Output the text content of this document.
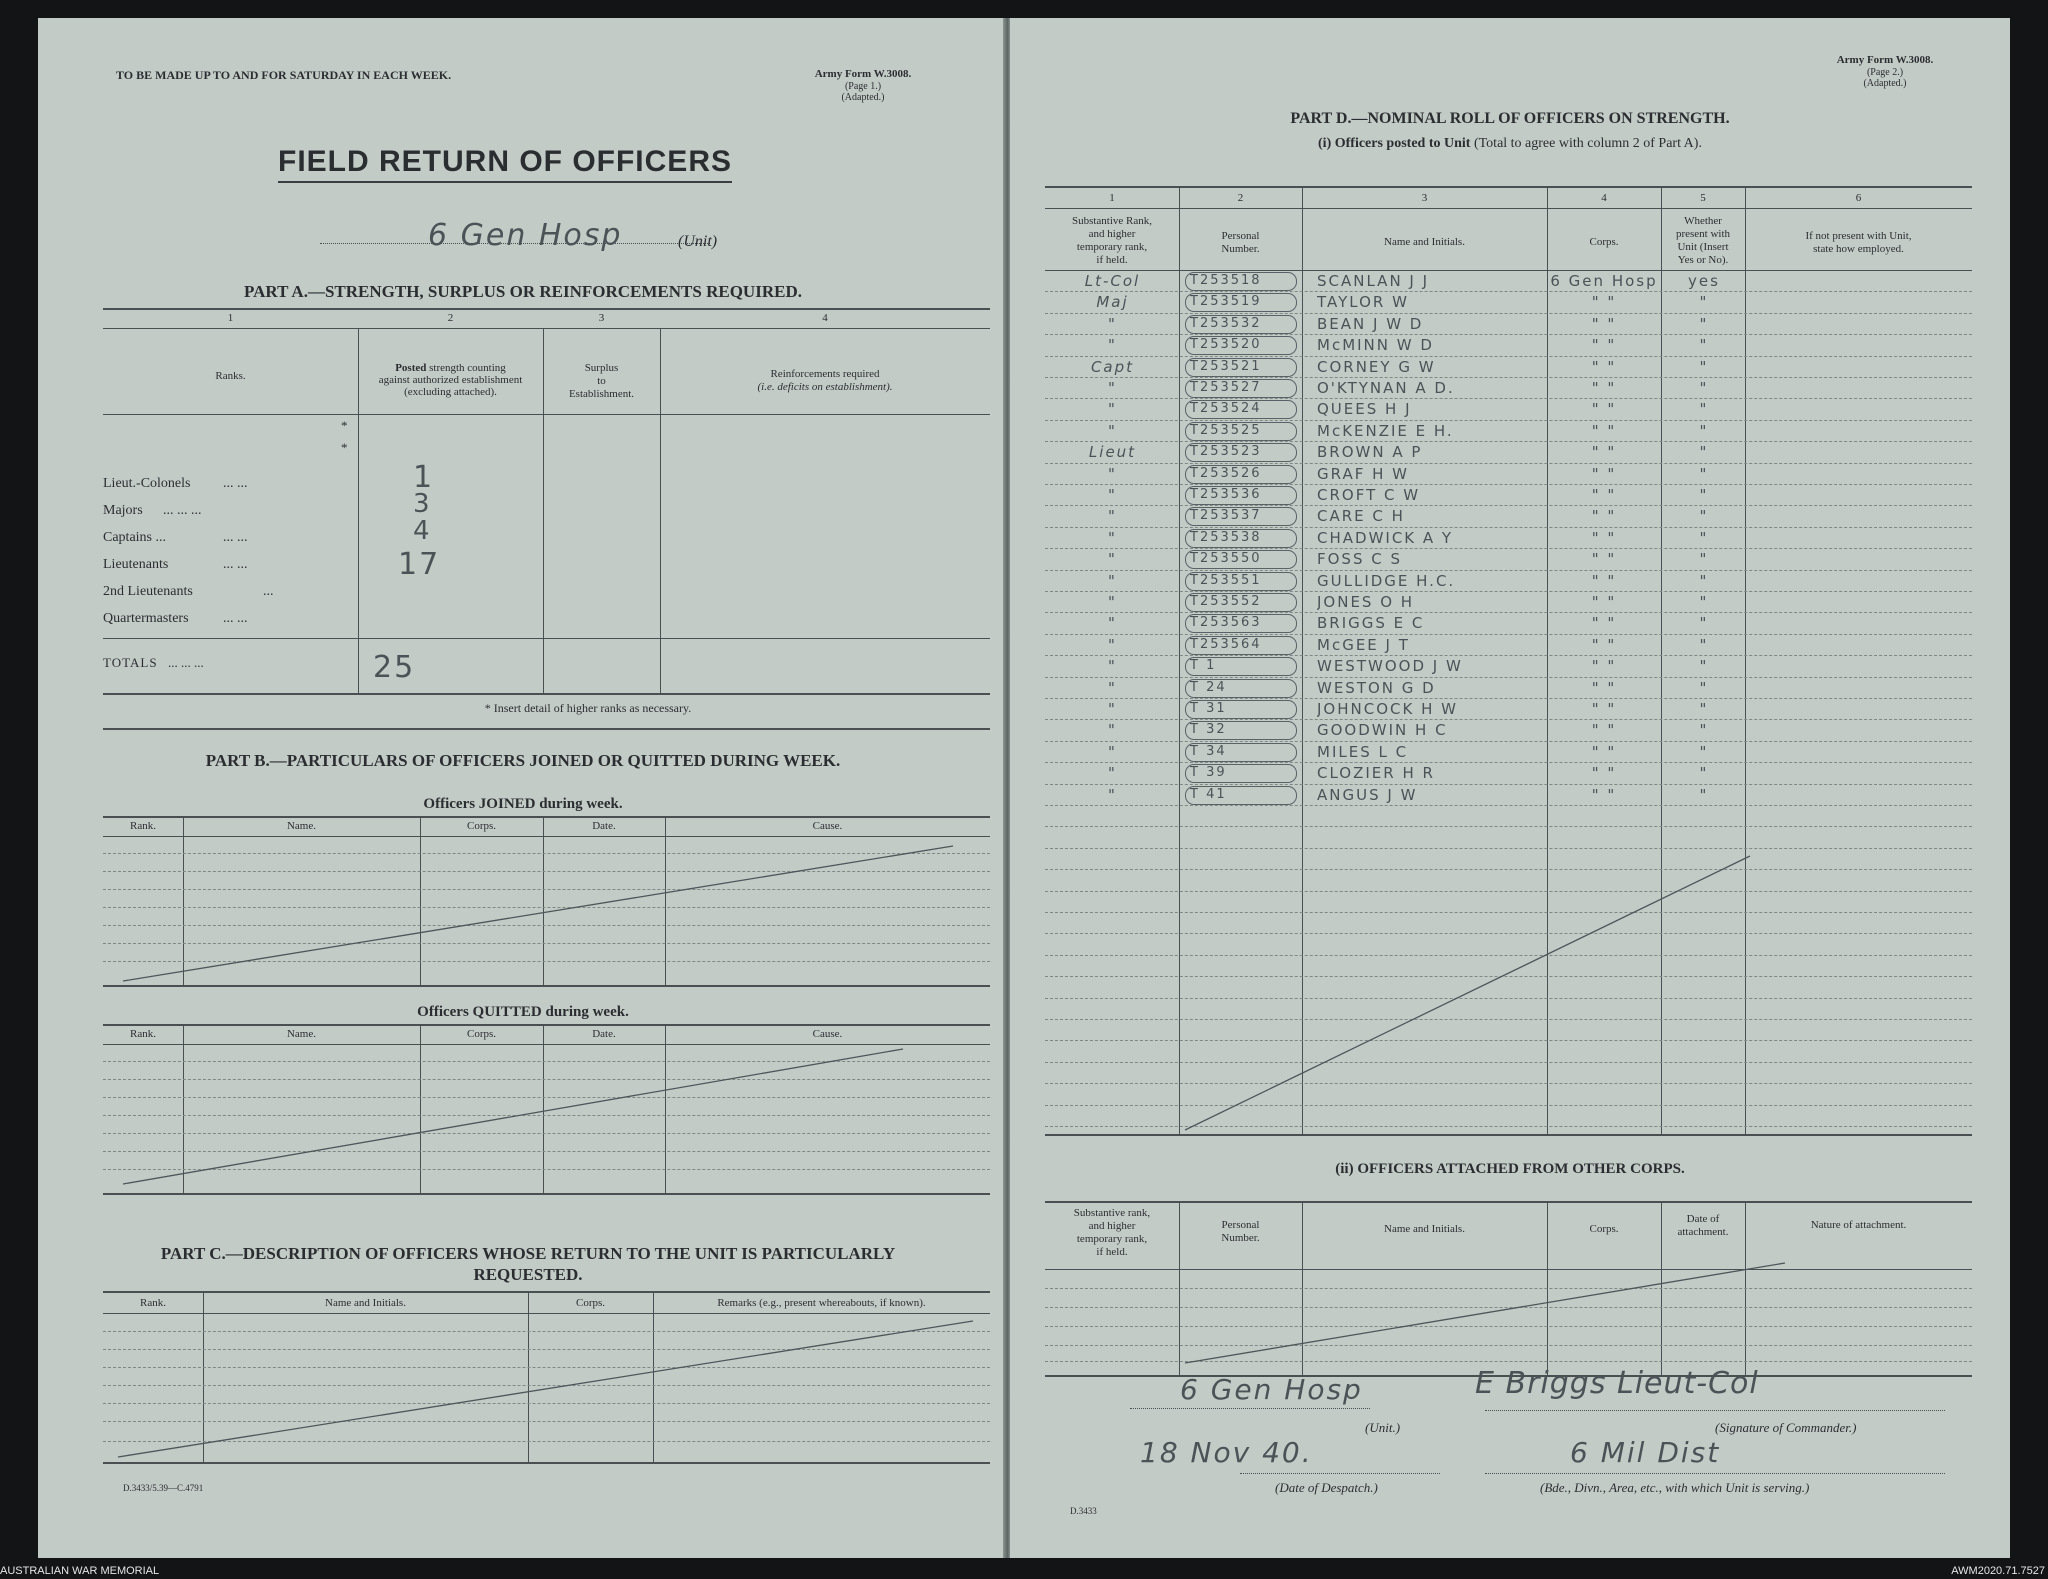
TO BE MADE UP TO AND FOR SATURDAY IN EACH WEEK.	Army Form W.3008.
(Page 1.)
(Adapted.)
FIELD RETURN OF OFFICERS
6 Gen Hosp	(Unit)
PART A.—STRENGTH, SURPLUS OR REINFORCEMENTS REQUIRED.
1	2	3	4
Ranks.
Posted strength counting
against authorized establishment
(excluding attached).
Surplus
to
Establishment.
Reinforcements required
(i.e. deficits on establishment).
*
*
Lieut.-Colonels ... ...	1
Majors ... ... ...	3
Captains ...	... ...	4
Lieutenants	... ...	17
2nd Lieutenants	...
Quartermasters ... ...
TOTALS ... ... ...	25
* Insert detail of higher ranks as necessary.
PART B.—PARTICULARS OF OFFICERS JOINED OR QUITTED DURING WEEK.
Officers JOINED during week.
Rank.	Name.	Corps.	Date.	Cause.
Officers QUITTED during week.
Rank.	Name.	Corps.	Date.	Cause.
PART C.—DESCRIPTION OF OFFICERS WHOSE RETURN TO THE UNIT IS PARTICULARLY
REQUESTED.
Rank.	Name and Initials.	Corps.	Remarks (e.g., present whereabouts, if known).
D.3433/5.39—C.4791
Army Form W.3008.
(Page 2.)
(Adapted.)
PART D.—NOMINAL ROLL OF OFFICERS ON STRENGTH.
(i) Officers posted to Unit (Total to agree with column 2 of Part A).
1	2	3	4	5	6
Substantive Rank,
and higher
temporary rank,
if held.
Personal
Number.
Name and Initials.	Corps.
Whether
present with
Unit (Insert
Yes or No).
If not present with Unit,
state how employed.
Lt-Col	T253518	SCANLAN J J	6 Gen Hosp	yes
Maj	T253519	TAYLOR W	" "	"
"	T253532	BEAN J W D	" "	"
"	T253520	McMINN W D	" "	"
Capt	T253521	CORNEY G W	" "	"
"	T253527	O'KTYNAN A D.	" "	"
"	T253524	QUEES H J	" "	"
"	T253525	McKENZIE E H.	" "	"
Lieut	T253523	BROWN A P	" "	"
"	T253526	GRAF H W	" "	"
"	T253536	CROFT C W	" "	"
"	T253537	CARE C H	" "	"
"	T253538	CHADWICK A Y	" "	"
"	T253550	FOSS C S	" "	"
"	T253551	GULLIDGE H.C.	" "	"
"	T253552	JONES O H	" "	"
"	T253563	BRIGGS E C	" "	"
"	T253564	McGEE J T	" "	"
"	T 1	WESTWOOD J W	" "	"
"	T 24	WESTON G D	" "	"
"	T 31	JOHNCOCK H W	" "	"
"	T 32	GOODWIN H C	" "	"
"	T 34	MILES L C	" "	"
"	T 39	CLOZIER H R	" "	"
"	T 41	ANGUS J W	" "	"
(ii) OFFICERS ATTACHED FROM OTHER CORPS.
Substantive rank,
and higher
temporary rank,
if held.
Personal
Number.
Name and Initials.	Corps.
Date of
attachment.
Nature of attachment.
6 Gen Hosp
(Unit.)
E Briggs Lieut-Col
(Signature of Commander.)
18 Nov 40.
(Date of Despatch.)
6 Mil Dist
(Bde., Divn., Area, etc., with which Unit is serving.)
D.3433
AUSTRALIAN WAR MEMORIAL	AWM2020.71.7527
